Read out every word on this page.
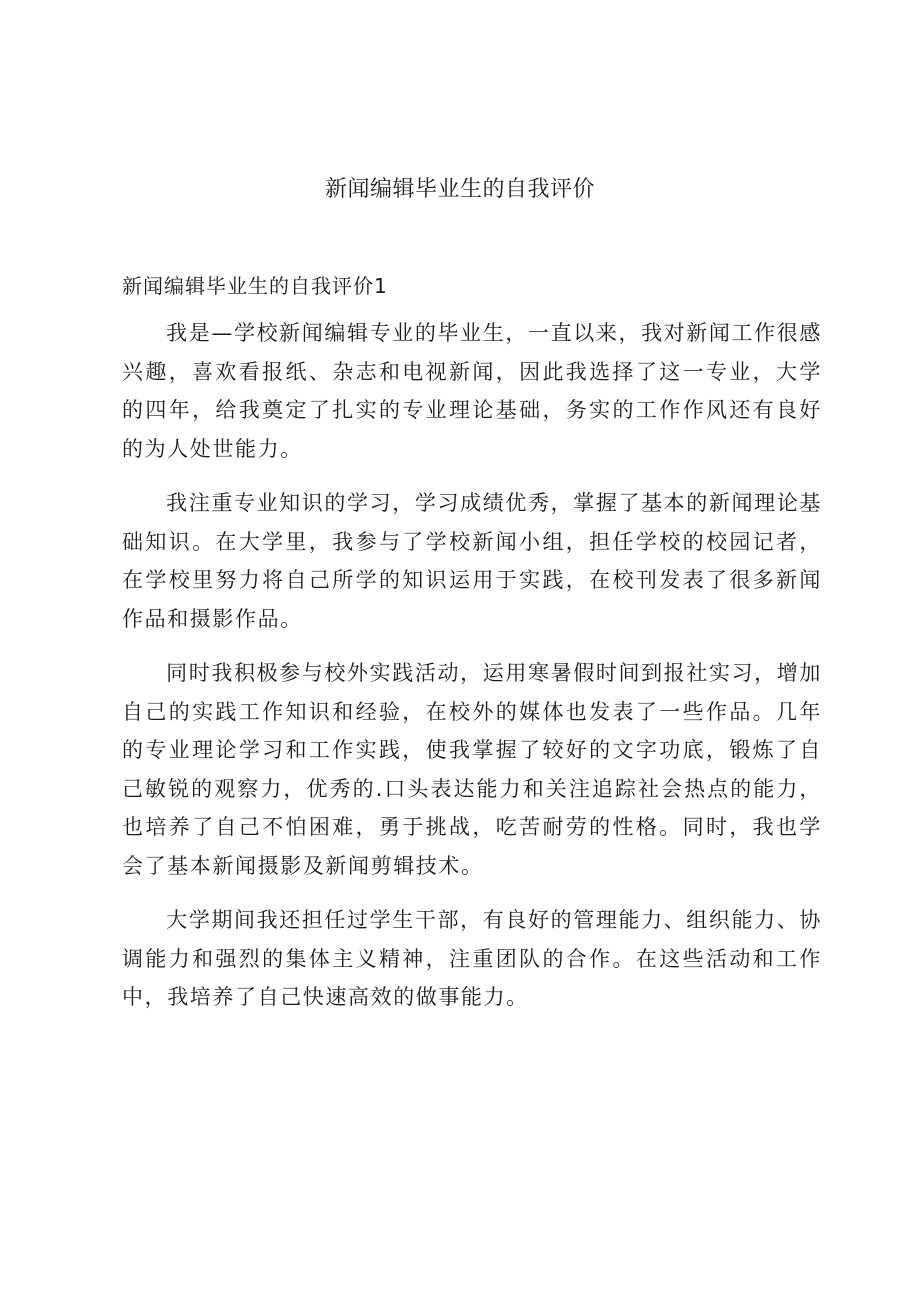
新闻编辑毕业生的自我评价
新闻编辑毕业生的自我评价1

我是—学校新闻编辑专业的毕业生，一直以来，我对新闻工作很感兴趣，喜欢看报纸、杂志和电视新闻，因此我选择了这一专业，大学的四年，给我奠定了扎实的专业理论基础，务实的工作作风还有良好的为人处世能力。

我注重专业知识的学习，学习成绩优秀，掌握了基本的新闻理论基础知识。在大学里，我参与了学校新闻小组，担任学校的校园记者，在学校里努力将自己所学的知识运用于实践，在校刊发表了很多新闻作品和摄影作品。

同时我积极参与校外实践活动，运用寒暑假时间到报社实习，增加自己的实践工作知识和经验，在校外的媒体也发表了一些作品。几年的专业理论学习和工作实践，使我掌握了较好的文字功底，锻炼了自己敏锐的观察力，优秀的.口头表达能力和关注追踪社会热点的能力，也培养了自己不怕困难，勇于挑战，吃苦耐劳的性格。同时，我也学会了基本新闻摄影及新闻剪辑技术。

大学期间我还担任过学生干部，有良好的管理能力、组织能力、协调能力和强烈的集体主义精神，注重团队的合作。在这些活动和工作中，我培养了自己快速高效的做事能力。
